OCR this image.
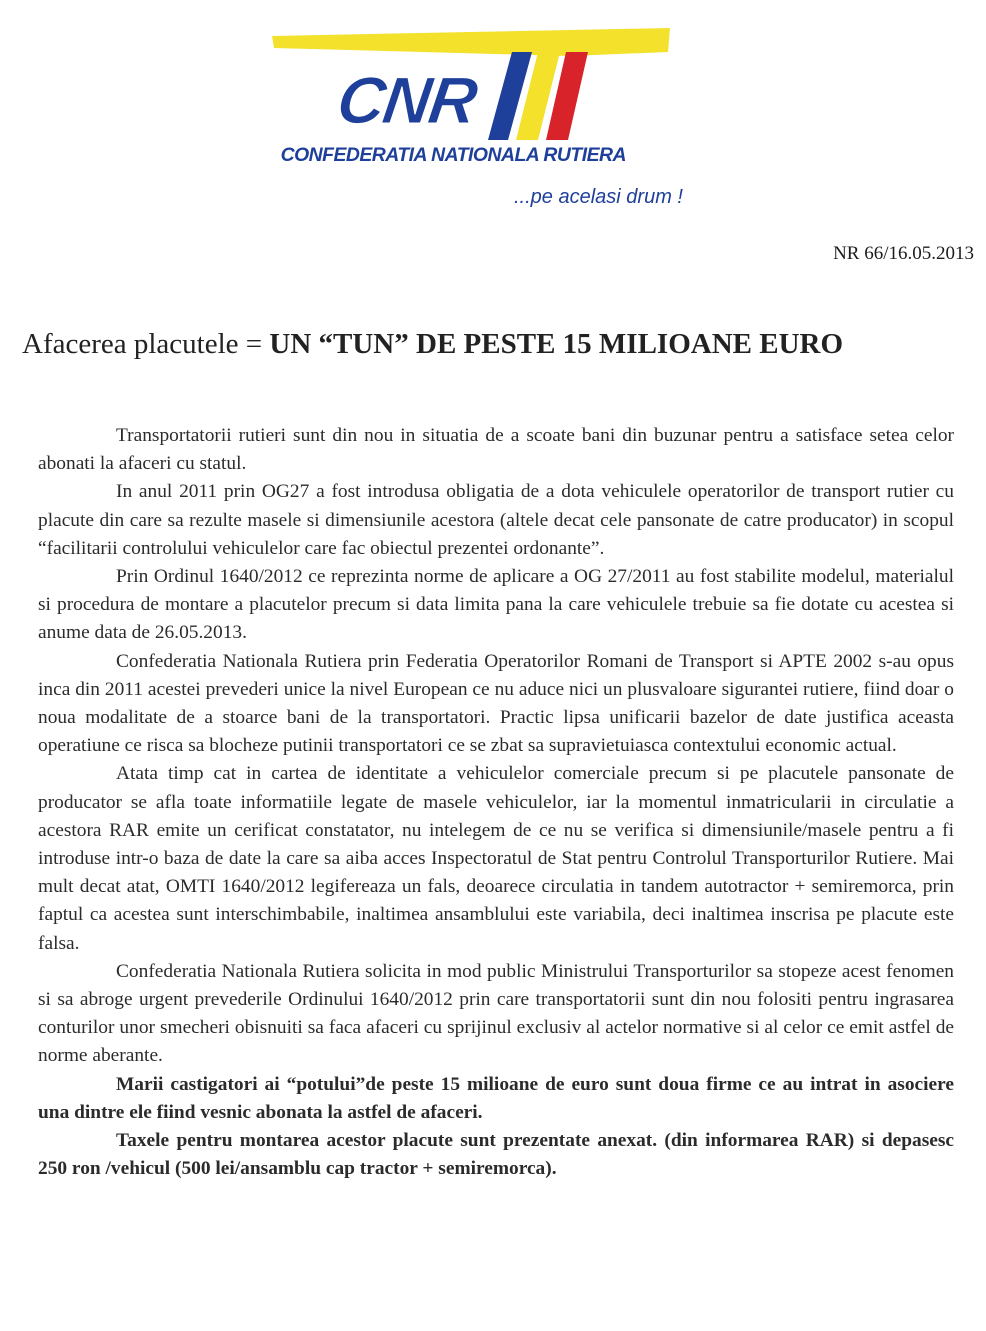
CNR
CONFEDERATIA NATIONALA RUTIERA
...pe acelasi drum !
NR 66/16.05.2013
Afacerea placutele = UN “TUN” DE PESTE 15 MILIOANE EURO

Transportatorii rutieri sunt din nou in situatia de a scoate bani din buzunar pentru a satisface setea celor abonati la afaceri cu statul.

In anul 2011 prin OG27 a fost introdusa obligatia de a dota vehiculele operatorilor de transport rutier cu placute din care sa rezulte masele si dimensiunile acestora (altele decat cele pansonate de catre producator) in scopul “facilitarii controlului vehiculelor care fac obiectul prezentei ordonante”.

Prin Ordinul 1640/2012 ce reprezinta norme de aplicare a OG 27/2011 au fost stabilite modelul, materialul si procedura de montare a placutelor precum si data limita pana la care vehiculele trebuie sa fie dotate cu acestea si anume data de 26.05.2013.

Confederatia Nationala Rutiera prin Federatia Operatorilor Romani de Transport si APTE 2002 s-au opus inca din 2011 acestei prevederi unice la nivel European ce nu aduce nici un plusvaloare sigurantei rutiere, fiind doar o noua modalitate de a stoarce bani de la transportatori. Practic lipsa unificarii bazelor de date justifica aceasta operatiune ce risca sa blocheze putinii transportatori ce se zbat sa supravietuiasca contextului economic actual.

Atata timp cat in cartea de identitate a vehiculelor comerciale precum si pe placutele pansonate de producator se afla toate informatiile legate de masele vehiculelor, iar la momentul inmatricularii in circulatie a acestora RAR emite un cerificat constatator, nu intelegem de ce nu se verifica si dimensiunile/masele pentru a fi introduse intr-o baza de date la care sa aiba acces Inspectoratul de Stat pentru Controlul Transporturilor Rutiere. Mai mult decat atat, OMTI 1640/2012 legifereaza un fals, deoarece circulatia in tandem autotractor + semiremorca, prin faptul ca acestea sunt interschimbabile, inaltimea ansamblului este variabila, deci inaltimea inscrisa pe placute este falsa.

Confederatia Nationala Rutiera solicita in mod public Ministrului Transporturilor sa stopeze acest fenomen si sa abroge urgent prevederile Ordinului 1640/2012 prin care transportatorii sunt din nou folositi pentru ingrasarea conturilor unor smecheri obisnuiti sa faca afaceri cu sprijinul exclusiv al actelor normative si al celor ce emit astfel de norme aberante.

Marii castigatori ai “potului”de peste 15 milioane de euro sunt doua firme ce au intrat in asociere una dintre ele fiind vesnic abonata la astfel de afaceri.

Taxele pentru montarea acestor placute sunt prezentate anexat. (din informarea RAR) si depasesc 250 ron /vehicul (500 lei/ansamblu cap tractor + semiremorca).
